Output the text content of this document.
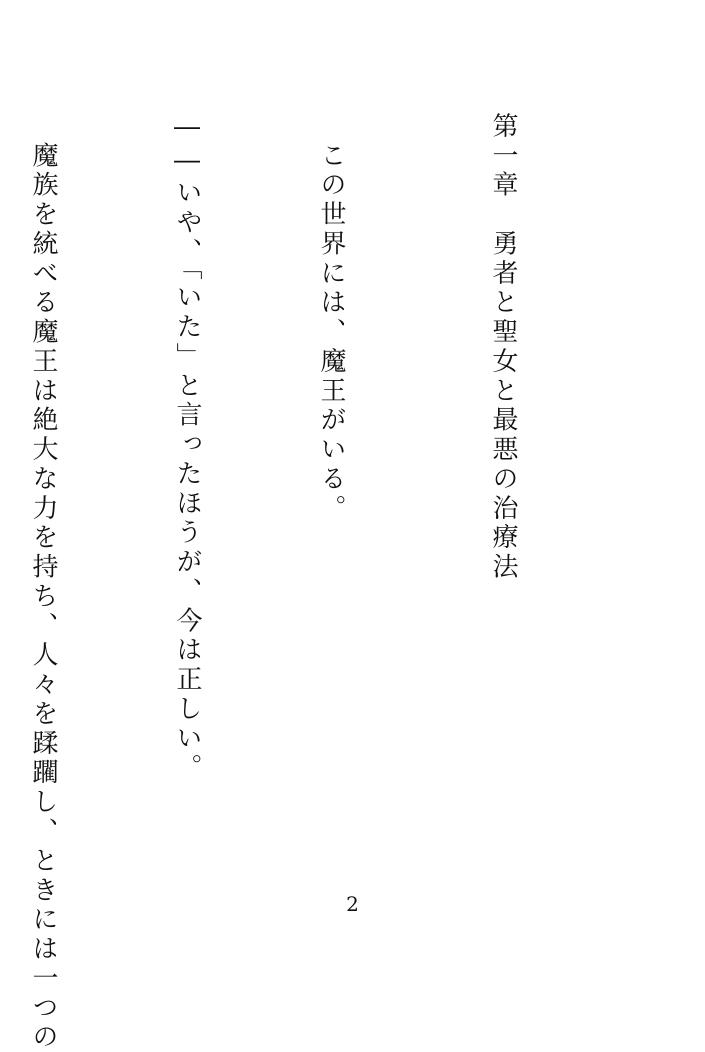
第一章　勇者と聖女と最悪の治療法

　この世界には、魔王がいる。

――いや、「いた」と言ったほうが、今は正しい。

　魔族を統べる魔王は絶大な力を持ち、人々を蹂躙し、ときには一つの

	2
